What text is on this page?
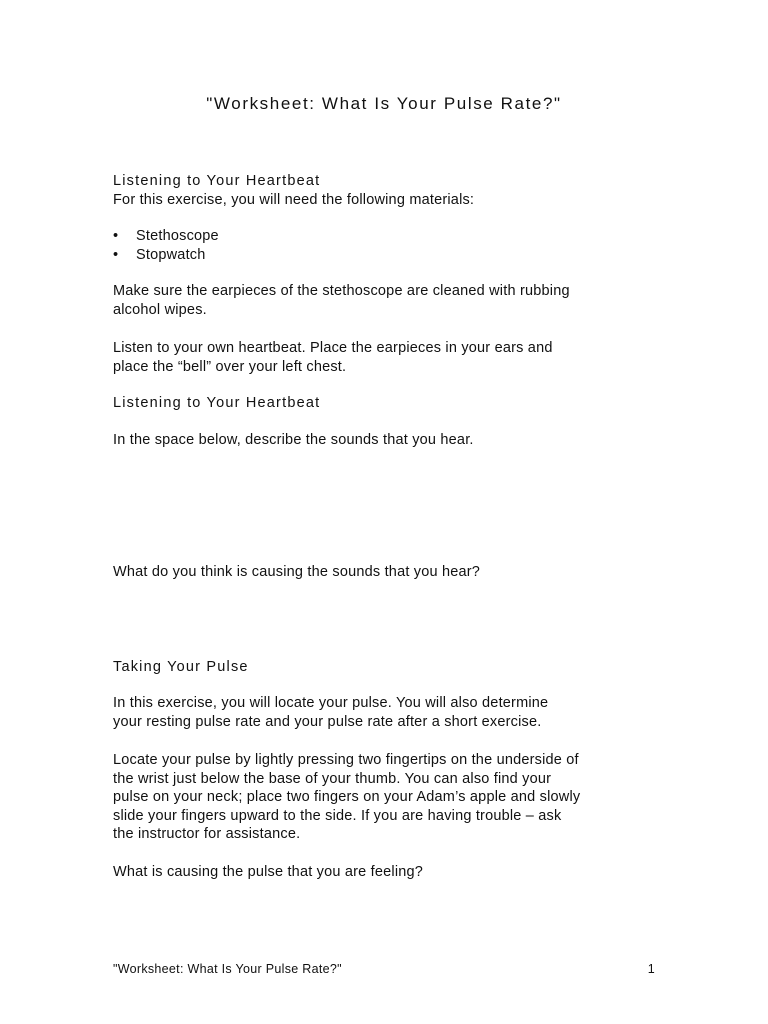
"Worksheet: What Is Your Pulse Rate?"

Listening to Your Heartbeat

For this exercise, you will need the following materials:

• Stethoscope
• Stopwatch

Make sure the earpieces of the stethoscope are cleaned with rubbing

alcohol wipes.

Listen to your own heartbeat. Place the earpieces in your ears and

place the “bell” over your left chest.

Listening to Your Heartbeat

In the space below, describe the sounds that you hear.

What do you think is causing the sounds that you hear?

Taking Your Pulse

In this exercise, you will locate your pulse. You will also determine

your resting pulse rate and your pulse rate after a short exercise.

Locate your pulse by lightly pressing two fingertips on the underside of

the wrist just below the base of your thumb. You can also find your

pulse on your neck; place two fingers on your Adam’s apple and slowly

slide your fingers upward to the side. If you are having trouble – ask

the instructor for assistance.

What is causing the pulse that you are feeling?

"Worksheet: What Is Your Pulse Rate?"	1
